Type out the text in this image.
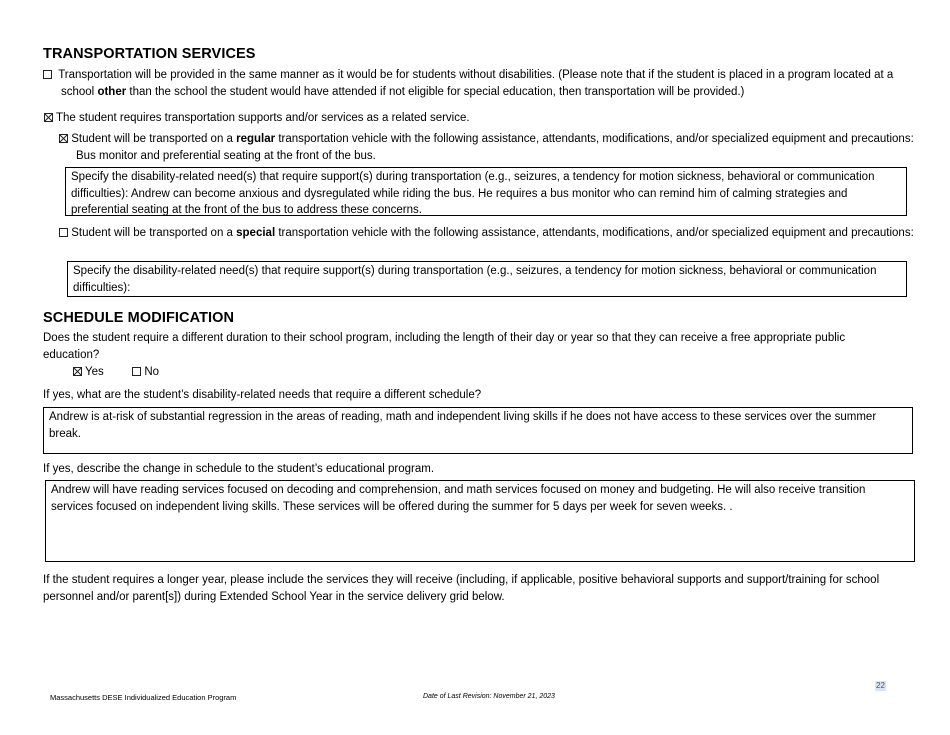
TRANSPORTATION SERVICES
Transportation will be provided in the same manner as it would be for students without disabilities. (Please note that if the student is placed in a program located at a school other than the school the student would have attended if not eligible for special education, then transportation will be provided.)
The student requires transportation supports and/or services as a related service.
Student will be transported on a regular transportation vehicle with the following assistance, attendants, modifications, and/or specialized equipment and precautions: Bus monitor and preferential seating at the front of the bus.

Specify the disability-related need(s) that require support(s) during transportation (e.g., seizures, a tendency for motion sickness, behavioral or communication difficulties): Andrew can become anxious and dysregulated while riding the bus. He requires a bus monitor who can remind him of calming strategies and preferential seating at the front of the bus to address these concerns.

Student will be transported on a special transportation vehicle with the following assistance, attendants, modifications, and/or specialized equipment and precautions:

Specify the disability-related need(s) that require support(s) during transportation (e.g., seizures, a tendency for motion sickness, behavioral or communication difficulties):

SCHEDULE MODIFICATION

Does the student require a different duration to their school program, including the length of their day or year so that they can receive a free appropriate public education?

Yes	No

If yes, what are the student’s disability-related needs that require a different schedule?

Andrew is at-risk of substantial regression in the areas of reading, math and independent living skills if he does not have access to these services over the summer break.

If yes, describe the change in schedule to the student’s educational program.

Andrew will have reading services focused on decoding and comprehension, and math services focused on money and budgeting. He will also receive transition services focused on independent living skills. These services will be offered during the summer for 5 days per week for seven weeks. .

If the student requires a longer year, please include the services they will receive (including, if applicable, positive behavioral supports and support/training for school personnel and/or parent[s]) during Extended School Year in the service delivery grid below.

22
Massachusetts DESE Individualized Education Program	Date of Last Revision: November 21, 2023
